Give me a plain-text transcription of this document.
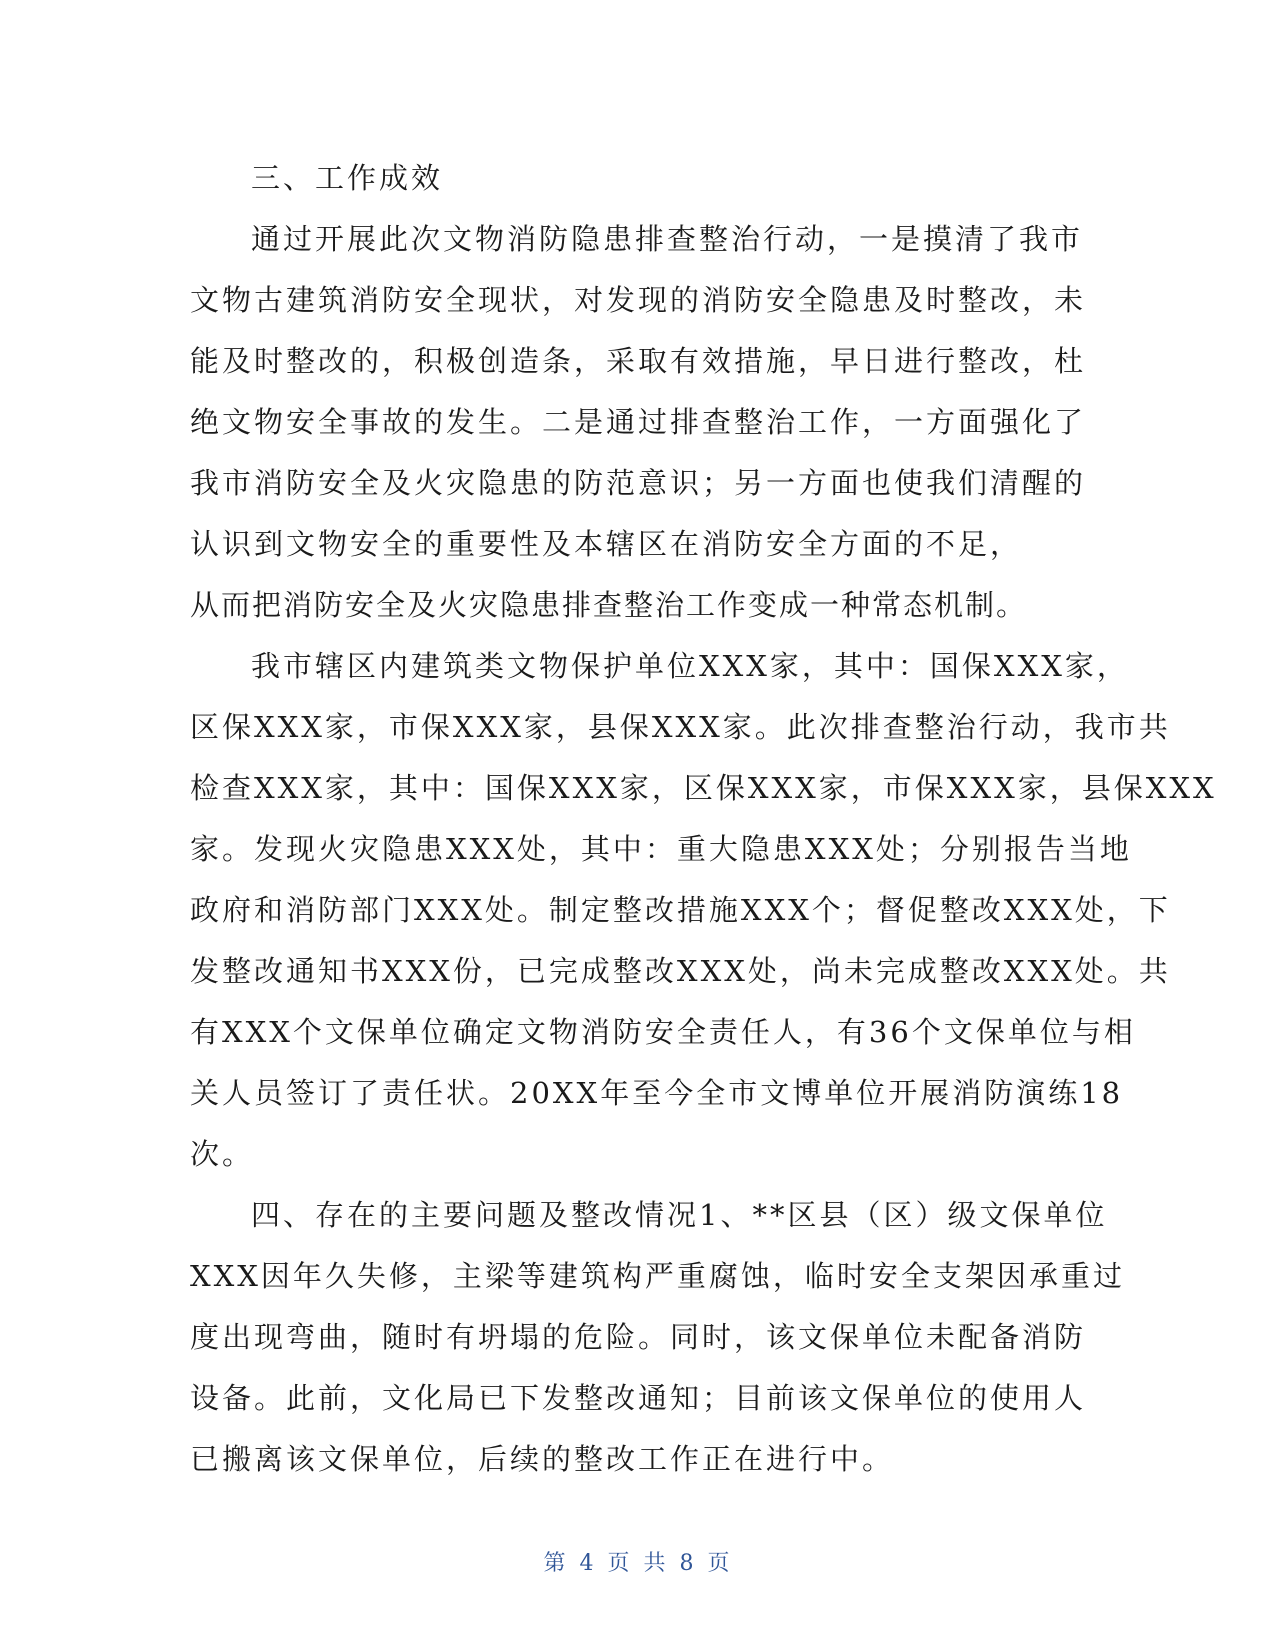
三、工作成效
通过开展此次文物消防隐患排查整治行动，一是摸清了我市
文物古建筑消防安全现状，对发现的消防安全隐患及时整改，未
能及时整改的，积极创造条，采取有效措施，早日进行整改，杜
绝文物安全事故的发生。二是通过排查整治工作，一方面强化了
我市消防安全及火灾隐患的防范意识；另一方面也使我们清醒的
认识到文物安全的重要性及本辖区在消防安全方面的不足，
从而把消防安全及火灾隐患排查整治工作变成一种常态机制。
我市辖区内建筑类文物保护单位XXX家，其中：国保XXX家，
区保XXX家，市保XXX家，县保XXX家。此次排查整治行动，我市共
检查XXX家，其中：国保XXX家，区保XXX家，市保XXX家，县保XXX
家。发现火灾隐患XXX处，其中：重大隐患XXX处；分别报告当地
政府和消防部门XXX处。制定整改措施XXX个；督促整改XXX处，下
发整改通知书XXX份，已完成整改XXX处，尚未完成整改XXX处。共
有XXX个文保单位确定文物消防安全责任人，有36个文保单位与相
关人员签订了责任状。20XX年至今全市文博单位开展消防演练18
次。
四、存在的主要问题及整改情况1、**区县（区）级文保单位
XXX因年久失修，主梁等建筑构严重腐蚀，临时安全支架因承重过
度出现弯曲，随时有坍塌的危险。同时，该文保单位未配备消防
设备。此前，文化局已下发整改通知；目前该文保单位的使用人
已搬离该文保单位，后续的整改工作正在进行中。
第 4 页 共 8 页
